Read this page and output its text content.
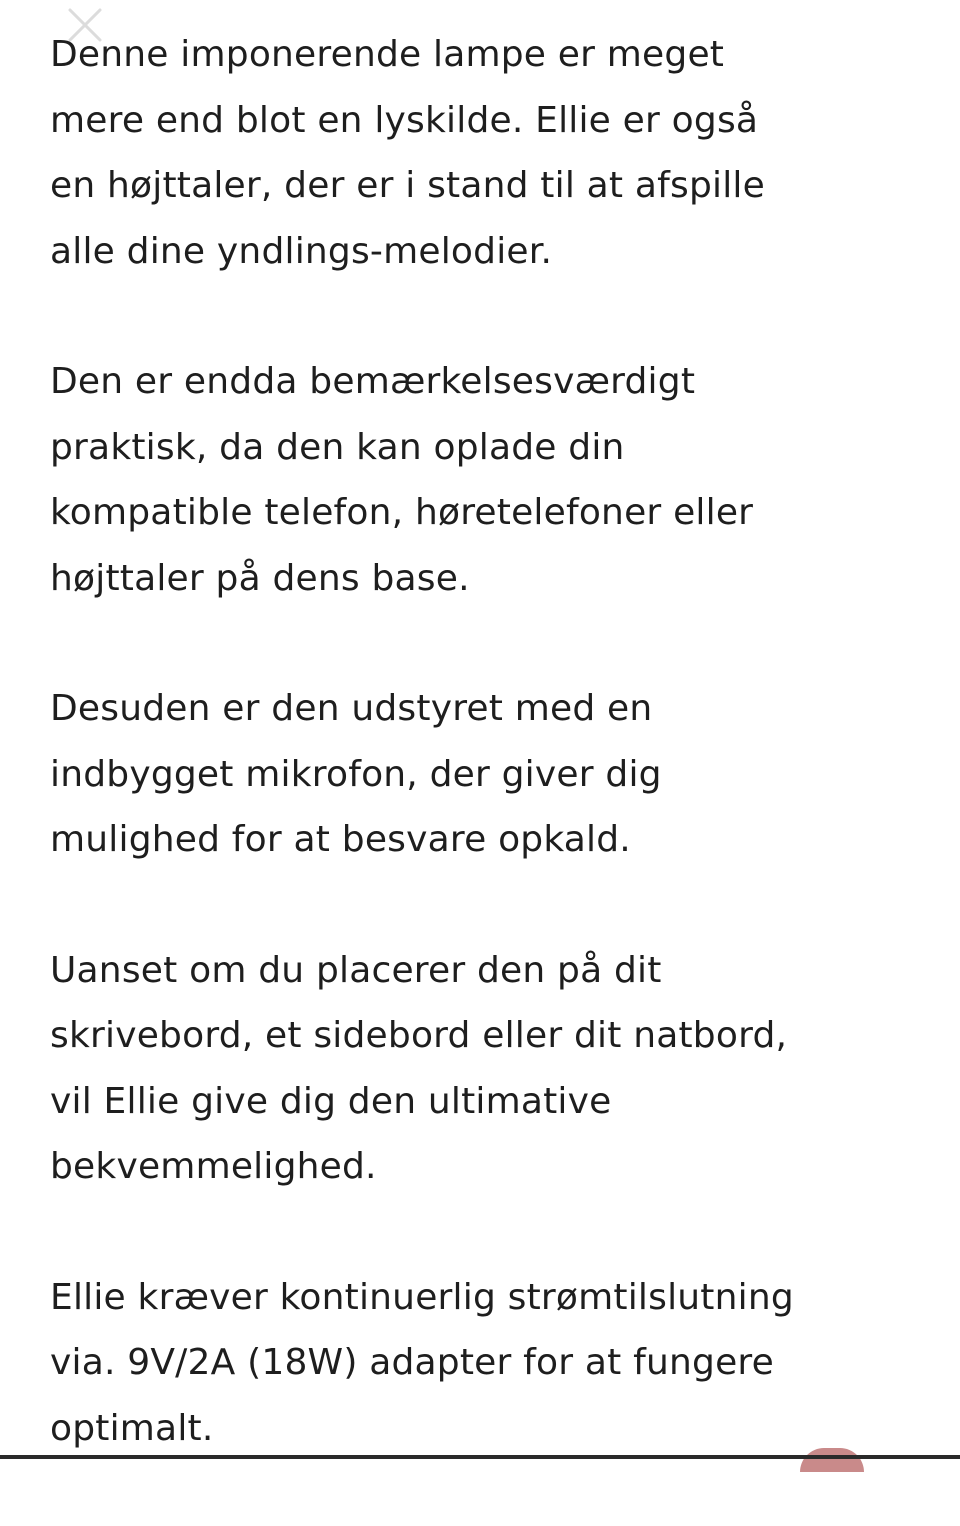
Denne imponerende lampe er meget
mere end blot en lyskilde. Ellie er også
en højttaler, der er i stand til at afspille
alle dine yndlings-melodier.
Den er endda bemærkelsesværdigt
praktisk, da den kan oplade din
kompatible telefon, høretelefoner eller
højttaler på dens base.
Desuden er den udstyret med en
indbygget mikrofon, der giver dig
mulighed for at besvare opkald.
Uanset om du placerer den på dit
skrivebord, et sidebord eller dit natbord,
vil Ellie give dig den ultimative
bekvemmelighed.
Ellie kræver kontinuerlig strømtilslutning
via. 9V/2A (18W) adapter for at fungere
optimalt.
